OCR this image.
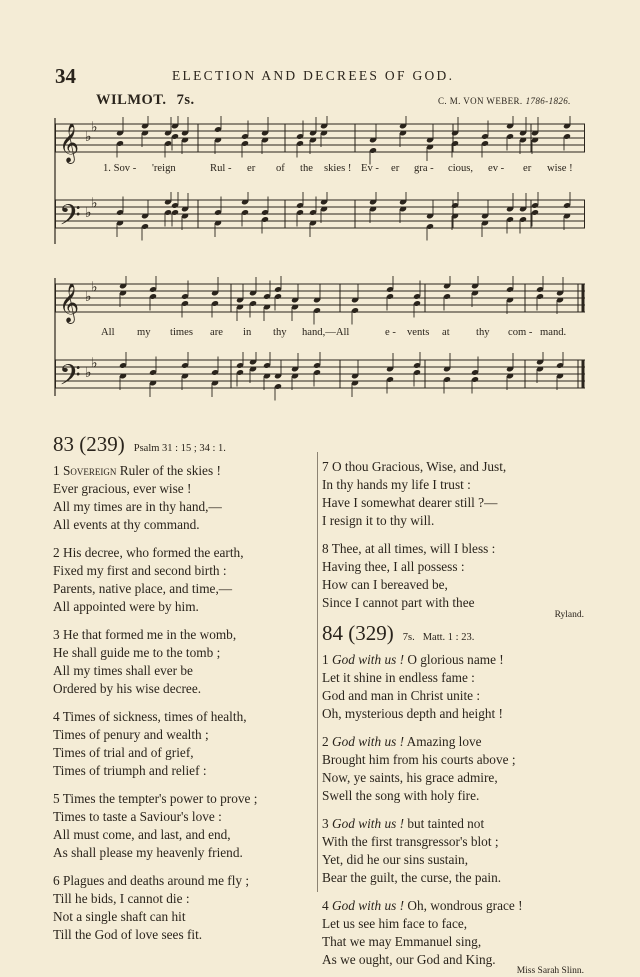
34	ELECTION AND DECREES OF GOD.
WILMOT. 7s.	C. M. VON WEBER. 1786-1826.
𝄞 ♭
♭
1. Sov - 'reign	Rul - er of the skies ! Ev - er gra - cious, ev - er wise !
𝄢 ♭
♭
𝄞 ♭
♭
All my times are in thy hand,—All	e - vents at thy com - mand.
𝄢 ♭
♭
83 (239) Psalm 31 : 15 ; 34 : 1.
1 Sovereign Ruler of the skies !
Ever gracious, ever wise !
All my times are in thy hand,—
All events at thy command.
2 His decree, who formed the earth,
Fixed my first and second birth :
Parents, native place, and time,—
All appointed were by him.
3 He that formed me in the womb,
He shall guide me to the tomb ;
All my times shall ever be
Ordered by his wise decree.
4 Times of sickness, times of health,
Times of penury and wealth ;
Times of trial and of grief,
Times of triumph and relief :
5 Times the tempter's power to prove ;
Times to taste a Saviour's love :
All must come, and last, and end,
As shall please my heavenly friend.
6 Plagues and deaths around me fly ;
Till he bids, I cannot die :
Not a single shaft can hit
Till the God of love sees fit.
7 O thou Gracious, Wise, and Just,
In thy hands my life I trust :
Have I somewhat dearer still ?—
I resign it to thy will.
8 Thee, at all times, will I bless :
Having thee, I all possess :
How can I bereaved be,
Since I cannot part with thee
Ryland.
84 (329) 7s. Matt. 1 : 23.
1 God with us ! O glorious name !
Let it shine in endless fame :
God and man in Christ unite :
Oh, mysterious depth and height !
2 God with us ! Amazing love
Brought him from his courts above ;
Now, ye saints, his grace admire,
Swell the song with holy fire.
3 God with us ! but tainted not
With the first transgressor's blot ;
Yet, did he our sins sustain,
Bear the guilt, the curse, the pain.
4 God with us ! Oh, wondrous grace !
Let us see him face to face,
That we may Emmanuel sing,
As we ought, our God and King.
Miss Sarah Slinn.
